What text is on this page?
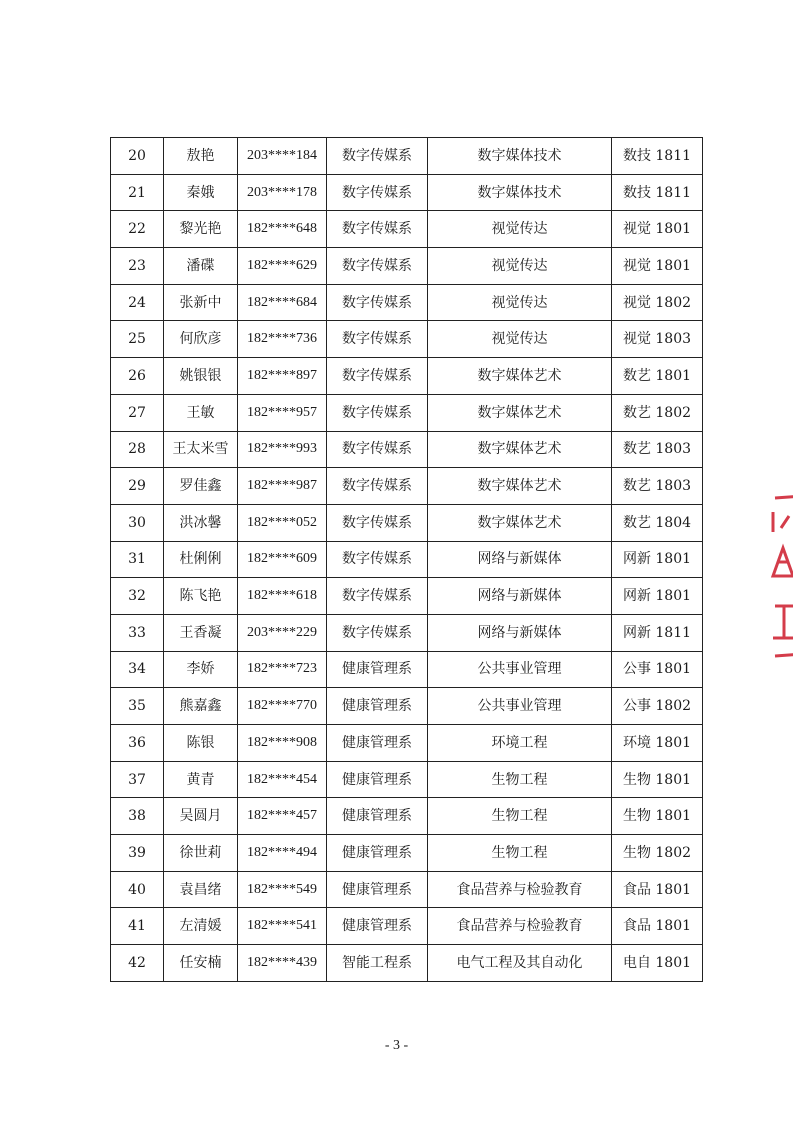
20	敖艳	203****184	数字传媒系	数字媒体技术	数技 1811
21	秦娥	203****178	数字传媒系	数字媒体技术	数技 1811
22	黎光艳	182****648	数字传媒系	视觉传达	视觉 1801
23	潘碟	182****629	数字传媒系	视觉传达	视觉 1801
24	张新中	182****684	数字传媒系	视觉传达	视觉 1802
25	何欣彦	182****736	数字传媒系	视觉传达	视觉 1803
26	姚银银	182****897	数字传媒系	数字媒体艺术	数艺 1801
27	王敏	182****957	数字传媒系	数字媒体艺术	数艺 1802
28	王太米雪	182****993	数字传媒系	数字媒体艺术	数艺 1803
29	罗佳鑫	182****987	数字传媒系	数字媒体艺术	数艺 1803
30	洪冰馨	182****052	数字传媒系	数字媒体艺术	数艺 1804
31	杜俐俐	182****609	数字传媒系	网络与新媒体	网新 1801
32	陈飞艳	182****618	数字传媒系	网络与新媒体	网新 1801
33	王香凝	203****229	数字传媒系	网络与新媒体	网新 1811
34	李娇	182****723	健康管理系	公共事业管理	公事 1801
35	熊嘉鑫	182****770	健康管理系	公共事业管理	公事 1802
36	陈银	182****908	健康管理系	环境工程	环境 1801
37	黄青	182****454	健康管理系	生物工程	生物 1801
38	吴圆月	182****457	健康管理系	生物工程	生物 1801
39	徐世莉	182****494	健康管理系	生物工程	生物 1802
40	袁昌绪	182****549	健康管理系	食品营养与检验教育	食品 1801
41	左清媛	182****541	健康管理系	食品营养与检验教育	食品 1801
42	任安楠	182****439	智能工程系	电气工程及其自动化	电自 1801
- 3 -
